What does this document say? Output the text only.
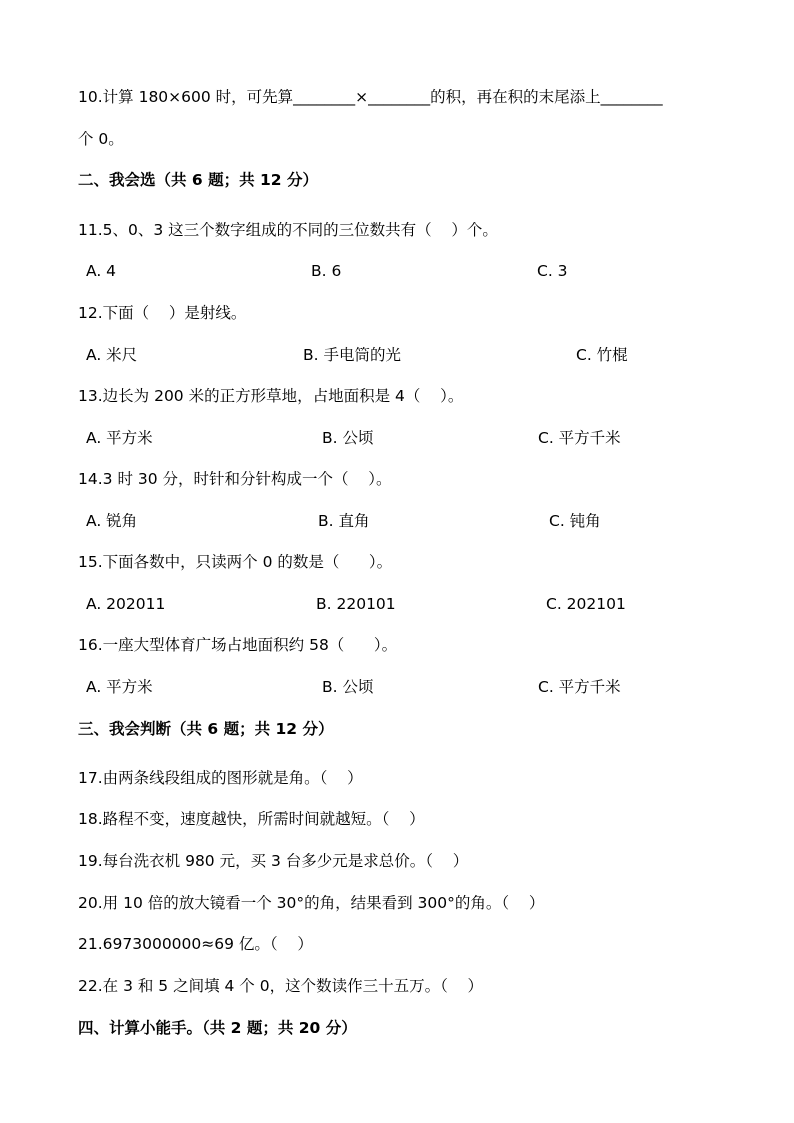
10.计算 180×600 时，可先算________×________的积，再在积的末尾添上________
个 0。
二、我会选（共 6 题；共 12 分）
11.5、0、3 这三个数字组成的不同的三位数共有（    ）个。
A. 4	B. 6	C. 3
12.下面（    ）是射线。
A. 米尺	B. 手电筒的光	C. 竹棍
13.边长为 200 米的正方形草地，占地面积是 4（    ）。
A. 平方米	B. 公顷	C. 平方千米
14.3 时 30 分，时针和分针构成一个（    ）。
A. 锐角	B. 直角	C. 钝角
15.下面各数中，只读两个 0 的数是（      ）。
A. 202011	B. 220101	C. 202101
16.一座大型体育广场占地面积约 58（      ）。
A. 平方米	B. 公顷	C. 平方千米
三、我会判断（共 6 题；共 12 分）
17.由两条线段组成的图形就是角。（    ）
18.路程不变，速度越快，所需时间就越短。（    ）
19.每台洗衣机 980 元，买 3 台多少元是求总价。（    ）
20.用 10 倍的放大镜看一个 30°的角，结果看到 300°的角。（    ）
21.6973000000≈69 亿。（    ）
22.在 3 和 5 之间填 4 个 0，这个数读作三十五万。（    ）
四、计算小能手。（共 2 题；共 20 分）
